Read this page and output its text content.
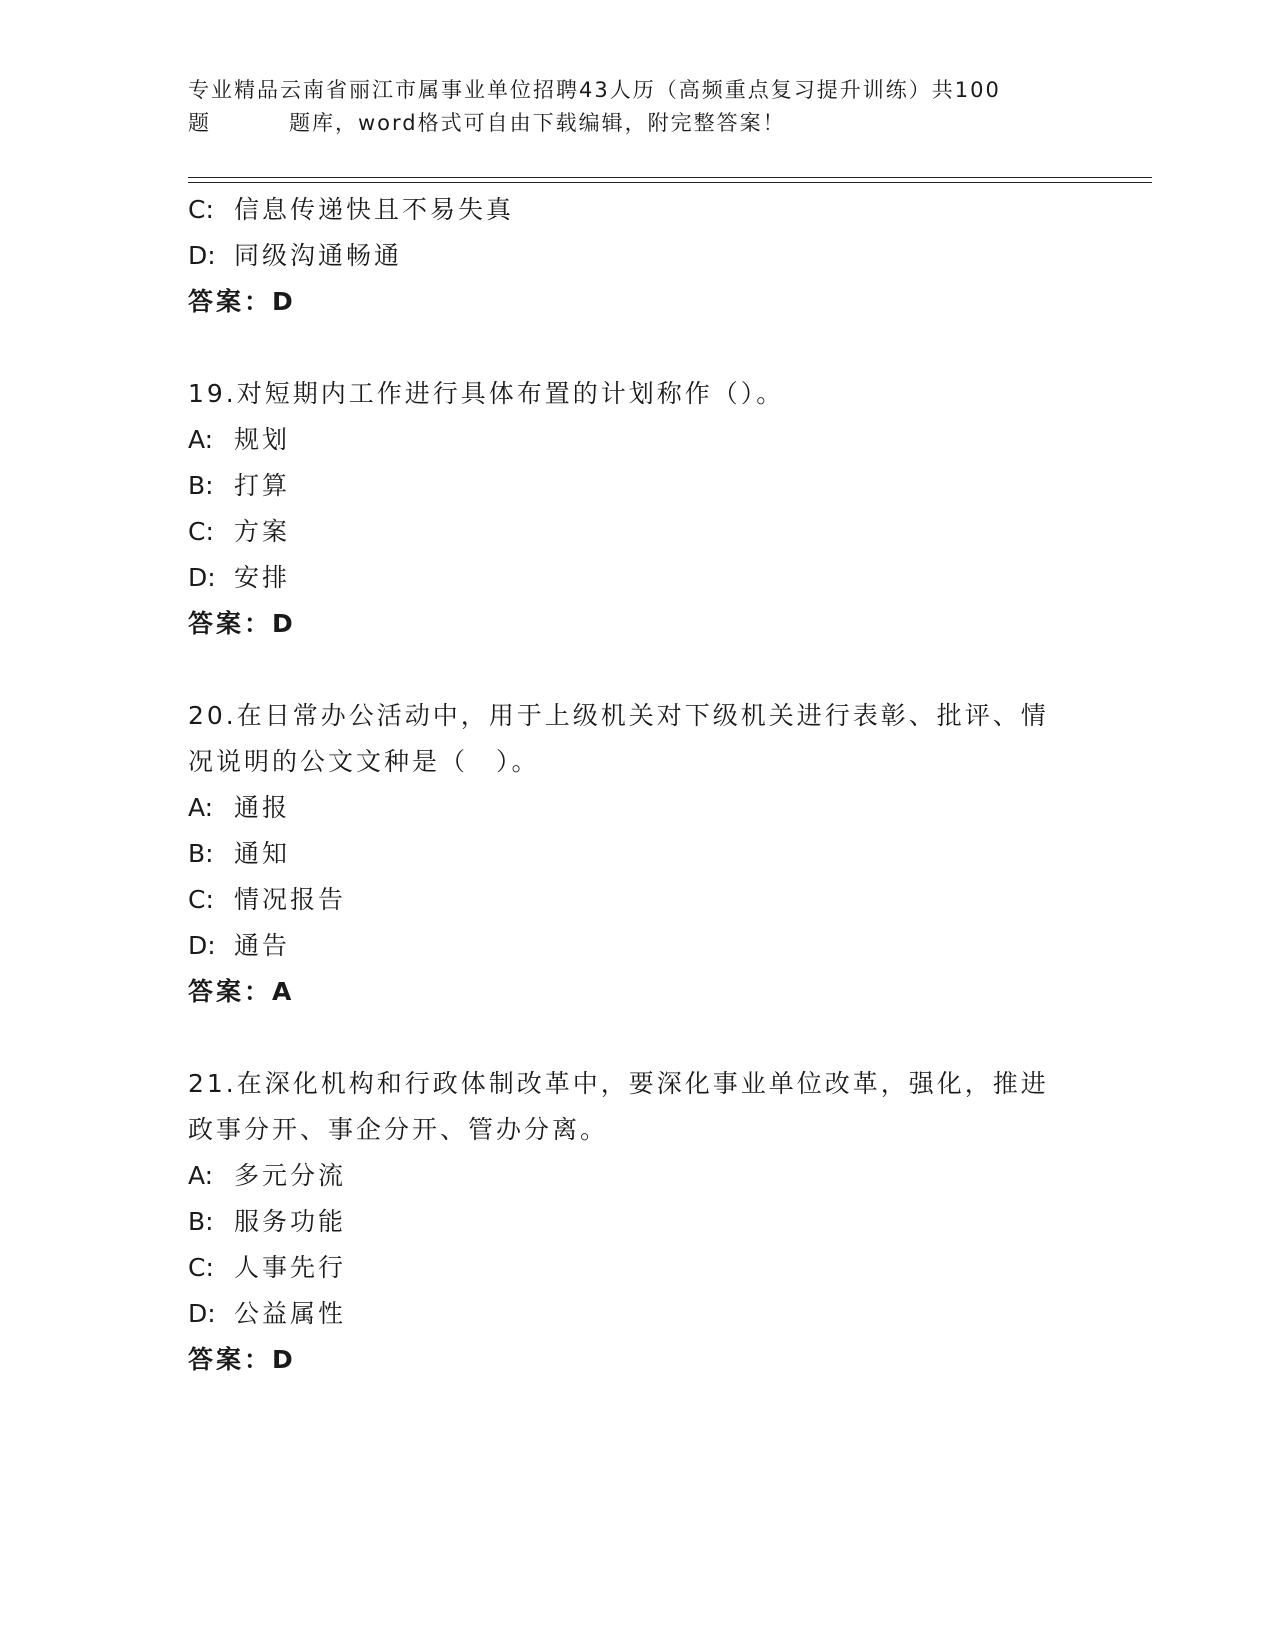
专业精品云南省丽江市属事业单位招聘43人历（高频重点复习提升训练）共100
题	题库，word格式可自由下载编辑，附完整答案！
C: 信息传递快且不易失真
D: 同级沟通畅通
答案：D
19.对短期内工作进行具体布置的计划称作（）。
A: 规划
B: 打算
C: 方案
D: 安排
答案：D
20.在日常办公活动中，用于上级机关对下级机关进行表彰、批评、情
况说明的公文文种是（　）。
A: 通报
B: 通知
C: 情况报告
D: 通告
答案：A
21.在深化机构和行政体制改革中，要深化事业单位改革，强化，推进
政事分开、事企分开、管办分离。
A: 多元分流
B: 服务功能
C: 人事先行
D: 公益属性
答案：D
